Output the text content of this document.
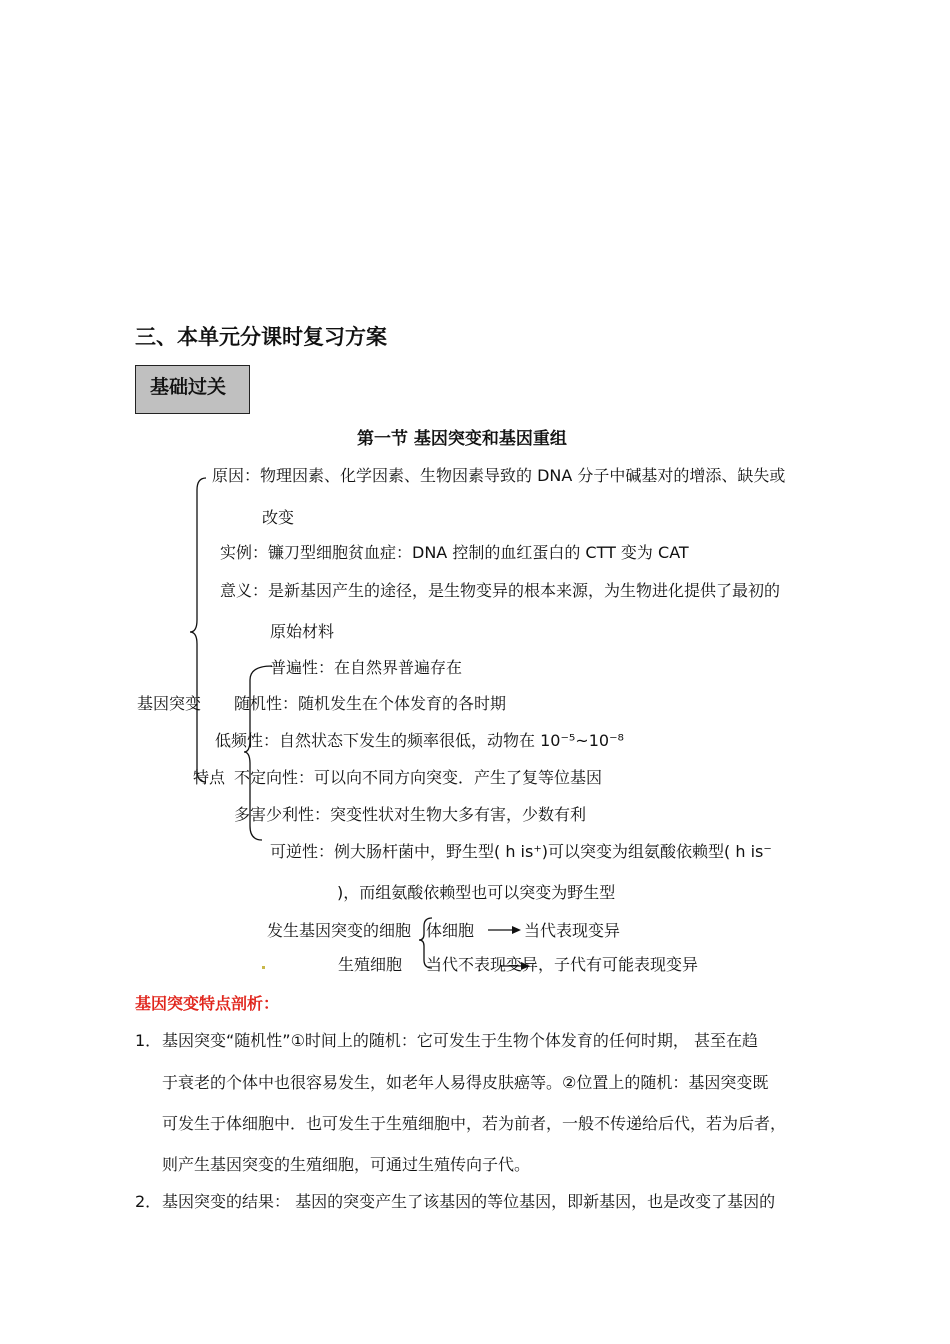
三、本单元分课时复习方案
基础过关
第一节 基因突变和基因重组
原因：物理因素、化学因素、生物因素导致的 DNA 分子中碱基对的增添、缺失或
改变
实例：镰刀型细胞贫血症：DNA 控制的血红蛋白的 CTT 变为 CAT
意义：是新基因产生的途径，是生物变异的根本来源，为生物进化提供了最初的
原始材料
基因突变
特点
普遍性：在自然界普遍存在
随机性：随机发生在个体发育的各时期
低频性：自然状态下发生的频率很低，动物在 10⁻⁵~10⁻⁸
不定向性：可以向不同方向突变．产生了复等位基因
多害少利性：突变性状对生物大多有害，少数有利
可逆性：例大肠杆菌中，野生型( h is⁺)可以突变为组氨酸依赖型( h is⁻
)，而组氨酸依赖型也可以突变为野生型
发生基因突变的细胞 体细胞	当代表现变异
生殖细胞 当代不表现变异，子代有可能表现变异
基因突变特点剖析：
1． 基因突变“随机性”①时间上的随机：它可发生于生物个体发育的任何时期， 甚至在趋
于衰老的个体中也很容易发生，如老年人易得皮肤癌等。②位置上的随机：基因突变既
可发生于体细胞中．也可发生于生殖细胞中，若为前者，一般不传递给后代，若为后者，
则产生基因突变的生殖细胞，可通过生殖传向子代。
2． 基因突变的结果： 基因的突变产生了该基因的等位基因，即新基因，也是改变了基因的
